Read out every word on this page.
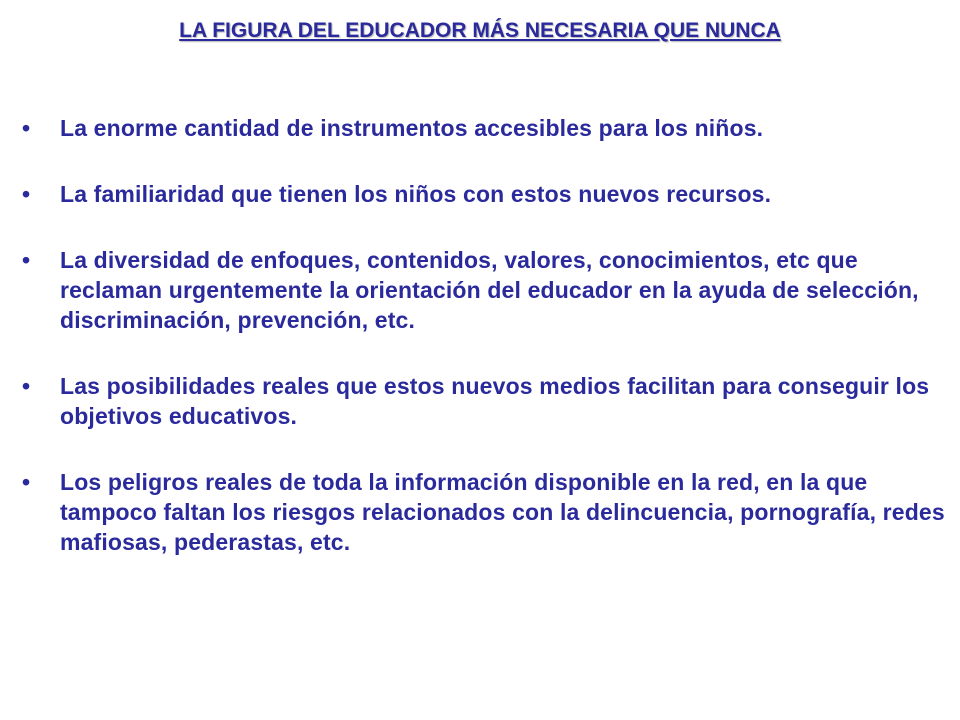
LA FIGURA DEL EDUCADOR MÁS NECESARIA QUE NUNCA
•	La enorme cantidad de instrumentos accesibles para los niños.
•	La familiaridad que tienen los niños con estos nuevos recursos.
•	La diversidad de enfoques, contenidos, valores, conocimientos, etc que reclaman urgentemente la orientación del educador en la ayuda de selección, discriminación, prevención, etc.
•	Las posibilidades reales que estos nuevos medios facilitan para conseguir los objetivos educativos.
•	Los peligros reales de toda la información disponible en la red, en la que tampoco faltan los riesgos relacionados con la delincuencia, pornografía, redes mafiosas, pederastas, etc.
